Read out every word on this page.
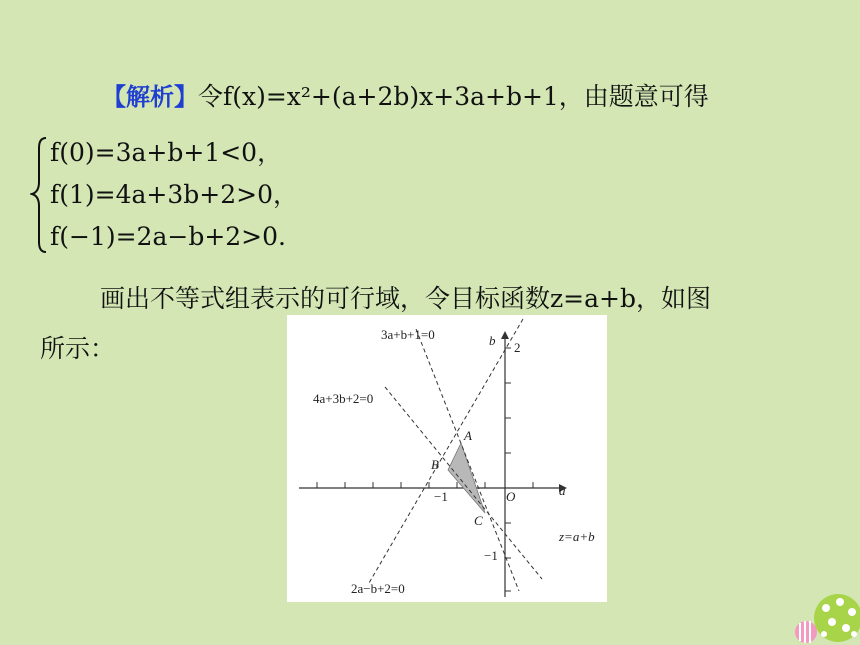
【解析】令f(x)=x²+(a+2b)x+3a+b+1，由题意可得
f(0)=3a+b+1<0，
f(1)=4a+3b+2>0，
f(−1)=2a−b+2>0.
画出不等式组表示的可行域，令目标函数z=a+b，如图
所示：	3a+b+1=0
4a+3b+2=0
2a−b+2=0
z=a+b
a
b
O
2
−1
−1
A
B
C
